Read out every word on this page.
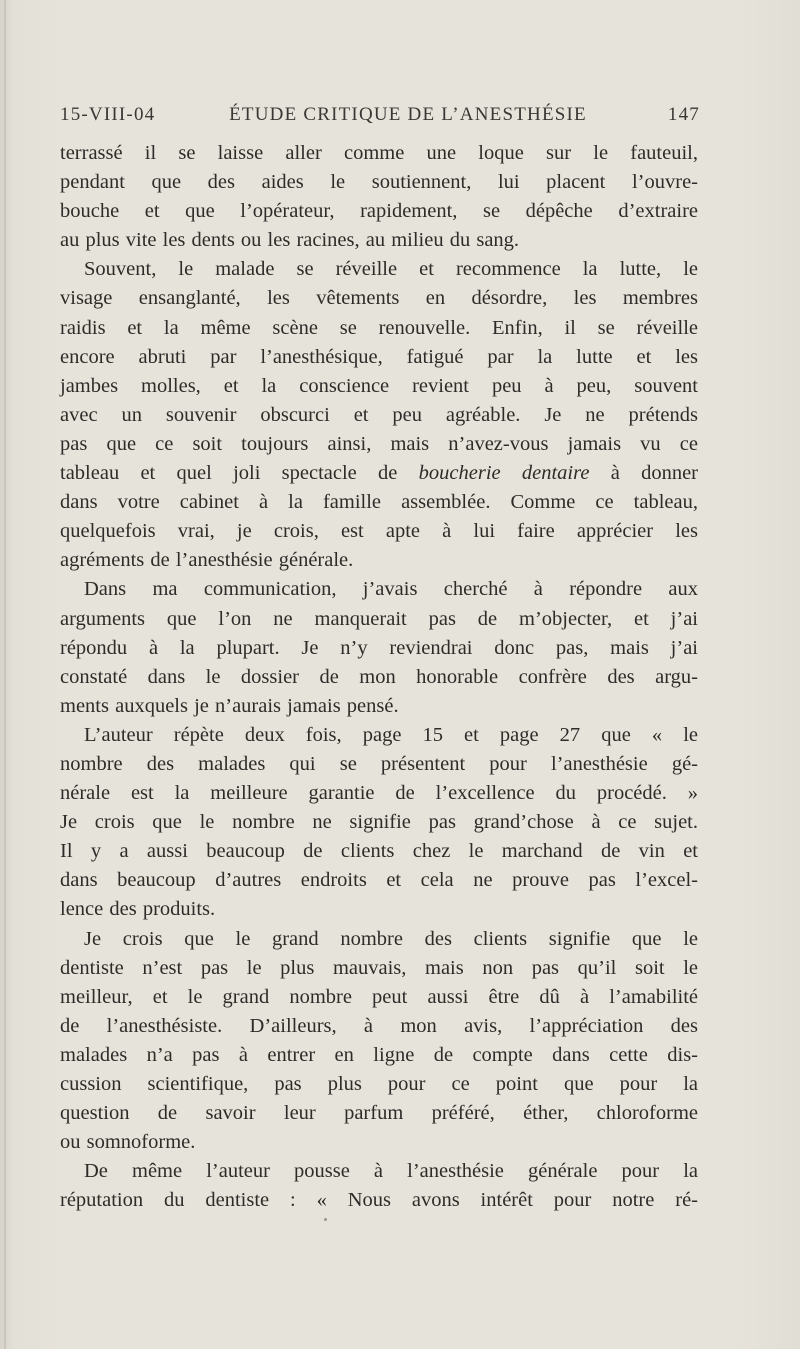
15-VIII-04	ÉTUDE CRITIQUE DE L’ANESTHÉSIE	147
terrassé il se laisse aller comme une loque sur le fauteuil,
pendant que des aides le soutiennent, lui placent l’ouvre-
bouche et que l’opérateur, rapidement, se dépêche d’extraire
au plus vite les dents ou les racines, au milieu du sang.
Souvent, le malade se réveille et recommence la lutte, le
visage ensanglanté, les vêtements en désordre, les membres
raidis et la même scène se renouvelle. Enfin, il se réveille
encore abruti par l’anesthésique, fatigué par la lutte et les
jambes molles, et la conscience revient peu à peu, souvent
avec un souvenir obscurci et peu agréable. Je ne prétends
pas que ce soit toujours ainsi, mais n’avez-vous jamais vu ce
tableau et quel joli spectacle de boucherie dentaire à donner
dans votre cabinet à la famille assemblée. Comme ce tableau,
quelquefois vrai, je crois, est apte à lui faire apprécier les
agréments de l’anesthésie générale.
Dans ma communication, j’avais cherché à répondre aux
arguments que l’on ne manquerait pas de m’objecter, et j’ai
répondu à la plupart. Je n’y reviendrai donc pas, mais j’ai
constaté dans le dossier de mon honorable confrère des argu-
ments auxquels je n’aurais jamais pensé.
L’auteur répète deux fois, page 15 et page 27 que « le
nombre des malades qui se présentent pour l’anesthésie gé-
nérale est la meilleure garantie de l’excellence du procédé. »
Je crois que le nombre ne signifie pas grand’chose à ce sujet.
Il y a aussi beaucoup de clients chez le marchand de vin et
dans beaucoup d’autres endroits et cela ne prouve pas l’excel-
lence des produits.
Je crois que le grand nombre des clients signifie que le
dentiste n’est pas le plus mauvais, mais non pas qu’il soit le
meilleur, et le grand nombre peut aussi être dû à l’amabilité
de l’anesthésiste. D’ailleurs, à mon avis, l’appréciation des
malades n’a pas à entrer en ligne de compte dans cette dis-
cussion scientifique, pas plus pour ce point que pour la
question de savoir leur parfum préféré, éther, chloroforme
ou somnoforme.
De même l’auteur pousse à l’anesthésie générale pour la
réputation du dentiste : « Nous avons intérêt pour notre ré-
